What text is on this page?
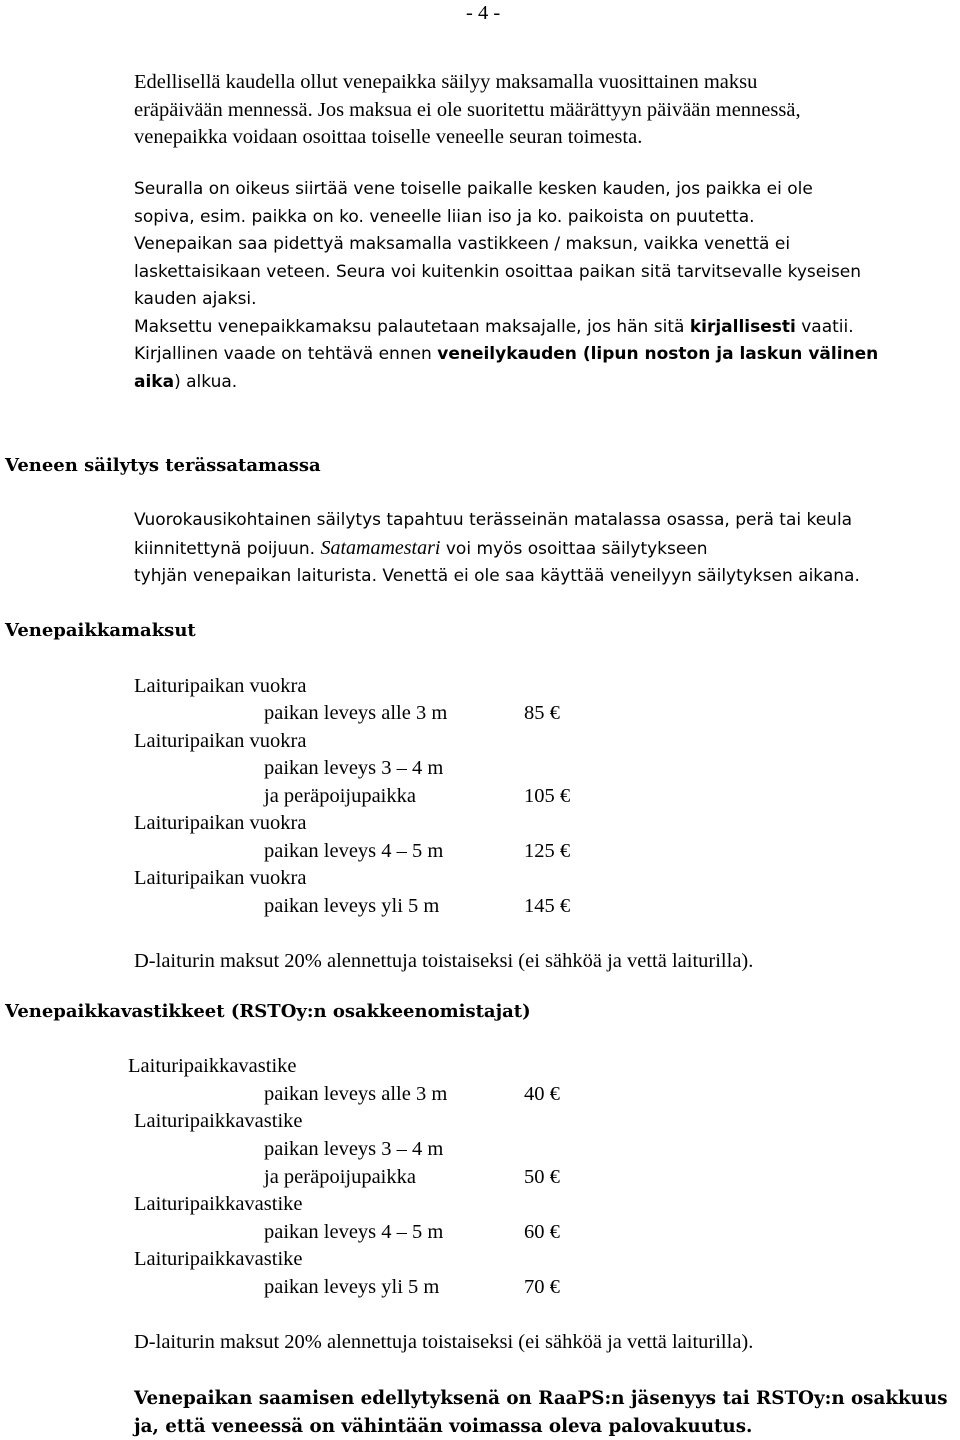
- 4 -
Edellisellä kaudella ollut venepaikka säilyy maksamalla vuosittainen maksu
eräpäivään mennessä. Jos maksua ei ole suoritettu määrättyyn päivään mennessä,
venepaikka voidaan osoittaa toiselle veneelle seuran toimesta.
Seuralla on oikeus siirtää vene toiselle paikalle kesken kauden, jos paikka ei ole
sopiva, esim. paikka on ko. veneelle liian iso ja ko. paikoista on puutetta.
Venepaikan saa pidettyä maksamalla vastikkeen / maksun, vaikka venettä ei
laskettaisikaan veteen. Seura voi kuitenkin osoittaa paikan sitä tarvitsevalle kyseisen
kauden ajaksi.
Maksettu venepaikkamaksu palautetaan maksajalle, jos hän sitä kirjallisesti vaatii.
Kirjallinen vaade on tehtävä ennen veneilykauden (lipun noston ja laskun välinen
aika) alkua.
Veneen säilytys terässatamassa
Vuorokausikohtainen säilytys tapahtuu terässeinän matalassa osassa, perä tai keula
kiinnitettynä poijuun. Satamamestari voi myös osoittaa säilytykseen
tyhjän venepaikan laiturista. Venettä ei ole saa käyttää veneilyyn säilytyksen aikana.
Venepaikkamaksut
Laituripaikan vuokra
paikan leveys alle 3 m	85 €
Laituripaikan vuokra
paikan leveys 3 – 4 m
ja peräpoijupaikka	105 €
Laituripaikan vuokra
paikan leveys 4 – 5 m	125 €
Laituripaikan vuokra
paikan leveys yli 5 m	145 €
D-laiturin maksut 20% alennettuja toistaiseksi (ei sähköä ja vettä laiturilla).
Venepaikkavastikkeet (RSTOy:n osakkeenomistajat)
Laituripaikkavastike
paikan leveys alle 3 m	40 €
Laituripaikkavastike
paikan leveys 3 – 4 m
ja peräpoijupaikka	50 €
Laituripaikkavastike
paikan leveys 4 – 5 m	60 €
Laituripaikkavastike
paikan leveys yli 5 m	70 €
D-laiturin maksut 20% alennettuja toistaiseksi (ei sähköä ja vettä laiturilla).
Venepaikan saamisen edellytyksenä on RaaPS:n jäsenyys tai RSTOy:n osakkuus
ja, että veneessä on vähintään voimassa oleva palovakuutus.
